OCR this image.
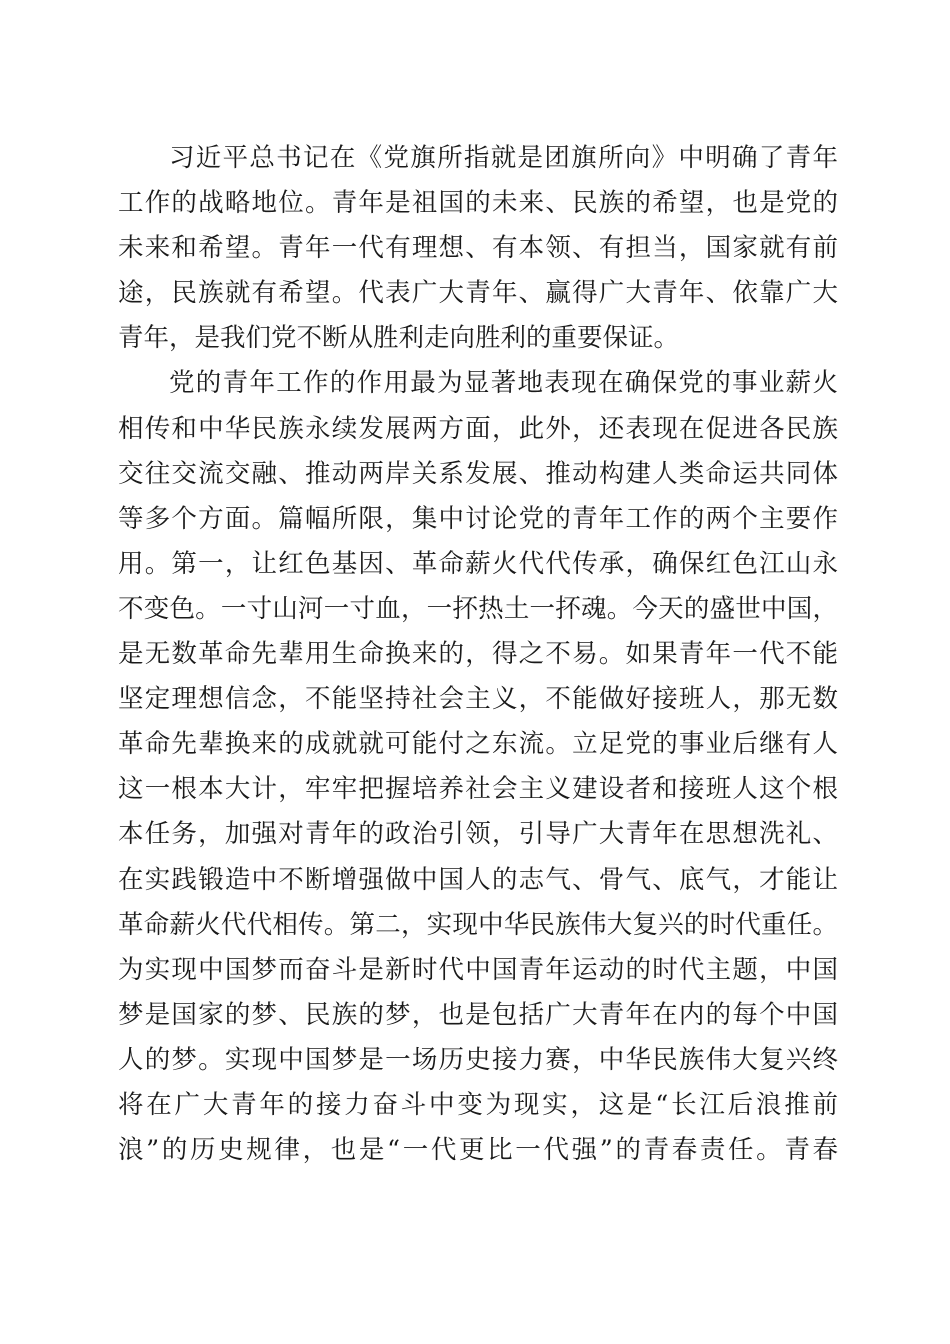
习近平总书记在《党旗所指就是团旗所向》中明确了青年
工作的战略地位。青年是祖国的未来、民族的希望，也是党的
未来和希望。青年一代有理想、有本领、有担当，国家就有前
途，民族就有希望。代表广大青年、赢得广大青年、依靠广大
青年，是我们党不断从胜利走向胜利的重要保证。
党的青年工作的作用最为显著地表现在确保党的事业薪火
相传和中华民族永续发展两方面，此外，还表现在促进各民族
交往交流交融、推动两岸关系发展、推动构建人类命运共同体
等多个方面。篇幅所限，集中讨论党的青年工作的两个主要作
用。第一，让红色基因、革命薪火代代传承，确保红色江山永
不变色。一寸山河一寸血，一抔热土一抔魂。今天的盛世中国，
是无数革命先辈用生命换来的，得之不易。如果青年一代不能
坚定理想信念，不能坚持社会主义，不能做好接班人，那无数
革命先辈换来的成就就可能付之东流。立足党的事业后继有人
这一根本大计，牢牢把握培养社会主义建设者和接班人这个根
本任务，加强对青年的政治引领，引导广大青年在思想洗礼、
在实践锻造中不断增强做中国人的志气、骨气、底气，才能让
革命薪火代代相传。第二，实现中华民族伟大复兴的时代重任。
为实现中国梦而奋斗是新时代中国青年运动的时代主题，中国
梦是国家的梦、民族的梦，也是包括广大青年在内的每个中国
人的梦。实现中国梦是一场历史接力赛，中华民族伟大复兴终
将在广大青年的接力奋斗中变为现实，这是“长江后浪推前
浪”的历史规律，也是“一代更比一代强”的青春责任。青春
